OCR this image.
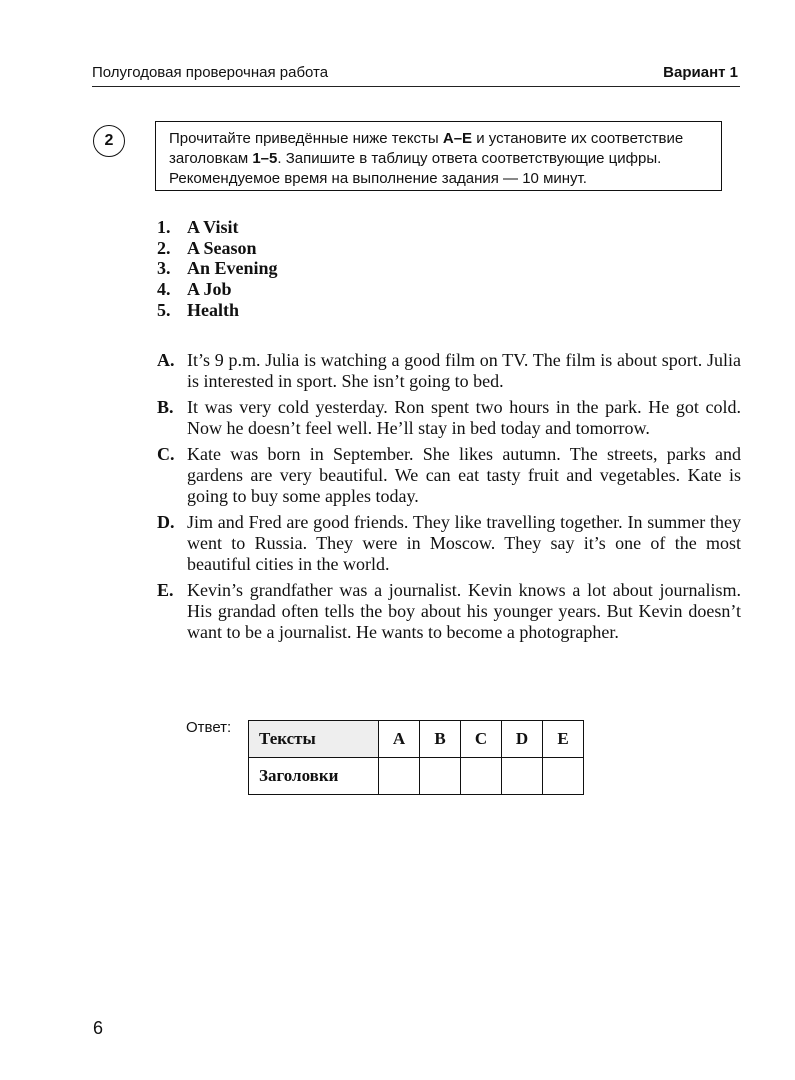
Полугодовая проверочная работа	Вариант 1
2	Прочитайте приведённые ниже тексты А–Е и установите их соответствие заголовкам 1–5. Запишите в таблицу ответа соответствующие цифры. Рекомендуемое время на выполнение задания — 10 минут.
1. A Visit
2. A Season
3. An Evening
4. A Job
5. Health
A. It’s 9 p.m. Julia is watching a good film on TV. The film is about sport. Julia is interested in sport. She isn’t going to bed.
B. It was very cold yesterday. Ron spent two hours in the park. He got cold. Now he doesn’t feel well. He’ll stay in bed today and tomorrow.
C. Kate was born in September. She likes autumn. The streets, parks and gardens are very beautiful. We can eat tasty fruit and vegetables. Kate is going to buy some apples today.
D. Jim and Fred are good friends. They like travelling together. In summer they went to Russia. They were in Moscow. They say it’s one of the most beautiful cities in the world.
E. Kevin’s grandfather was a journalist. Kevin knows a lot about journalism. His grandad often tells the boy about his younger years. But Kevin doesn’t want to be a journalist. He wants to become a photographer.
Ответ:
Тексты	A	B	C	D	E
Заголовки					
6
